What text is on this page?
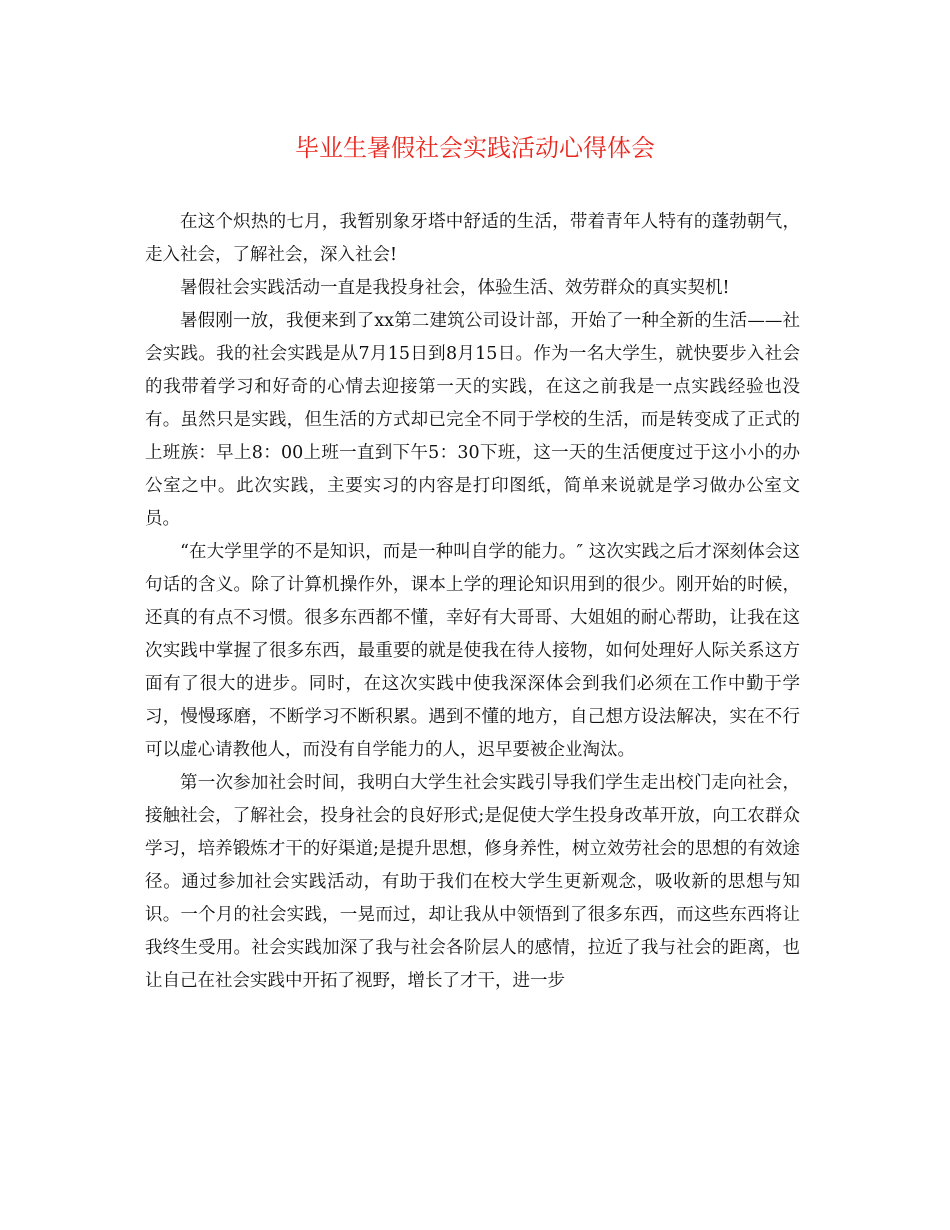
毕业生暑假社会实践活动心得体会

在这个炽热的七月，我暂别象牙塔中舒适的生活，带着青年人特有的蓬勃朝气，走入社会，了解社会，深入社会!

暑假社会实践活动一直是我投身社会，体验生活、效劳群众的真实契机!

暑假刚一放，我便来到了xx第二建筑公司设计部，开始了一种全新的生活——社会实践。我的社会实践是从7月15日到8月15日。作为一名大学生，就快要步入社会的我带着学习和好奇的心情去迎接第一天的实践，在这之前我是一点实践经验也没有。虽然只是实践，但生活的方式却已完全不同于学校的生活，而是转变成了正式的上班族：早上8：00上班一直到下午5：30下班，这一天的生活便度过于这小小的办公室之中。此次实践，主要实习的内容是打印图纸，简单来说就是学习做办公室文员。

“在大学里学的不是知识，而是一种叫自学的能力。″ 这次实践之后才深刻体会这句话的含义。除了计算机操作外，课本上学的理论知识用到的很少。刚开始的时候，还真的有点不习惯。很多东西都不懂，幸好有大哥哥、大姐姐的耐心帮助，让我在这次实践中掌握了很多东西，最重要的就是使我在待人接物，如何处理好人际关系这方面有了很大的进步。同时，在这次实践中使我深深体会到我们必须在工作中勤于学习，慢慢琢磨，不断学习不断积累。遇到不懂的地方，自己想方设法解决，实在不行可以虚心请教他人，而没有自学能力的人，迟早要被企业淘汰。

第一次参加社会时间，我明白大学生社会实践引导我们学生走出校门走向社会，接触社会，了解社会，投身社会的良好形式;是促使大学生投身改革开放，向工农群众学习，培养锻炼才干的好渠道;是提升思想，修身养性，树立效劳社会的思想的有效途径。通过参加社会实践活动，有助于我们在校大学生更新观念，吸收新的思想与知识。一个月的社会实践，一晃而过，却让我从中领悟到了很多东西，而这些东西将让我终生受用。社会实践加深了我与社会各阶层人的感情，拉近了我与社会的距离，也让自己在社会实践中开拓了视野，增长了才干，进一步
